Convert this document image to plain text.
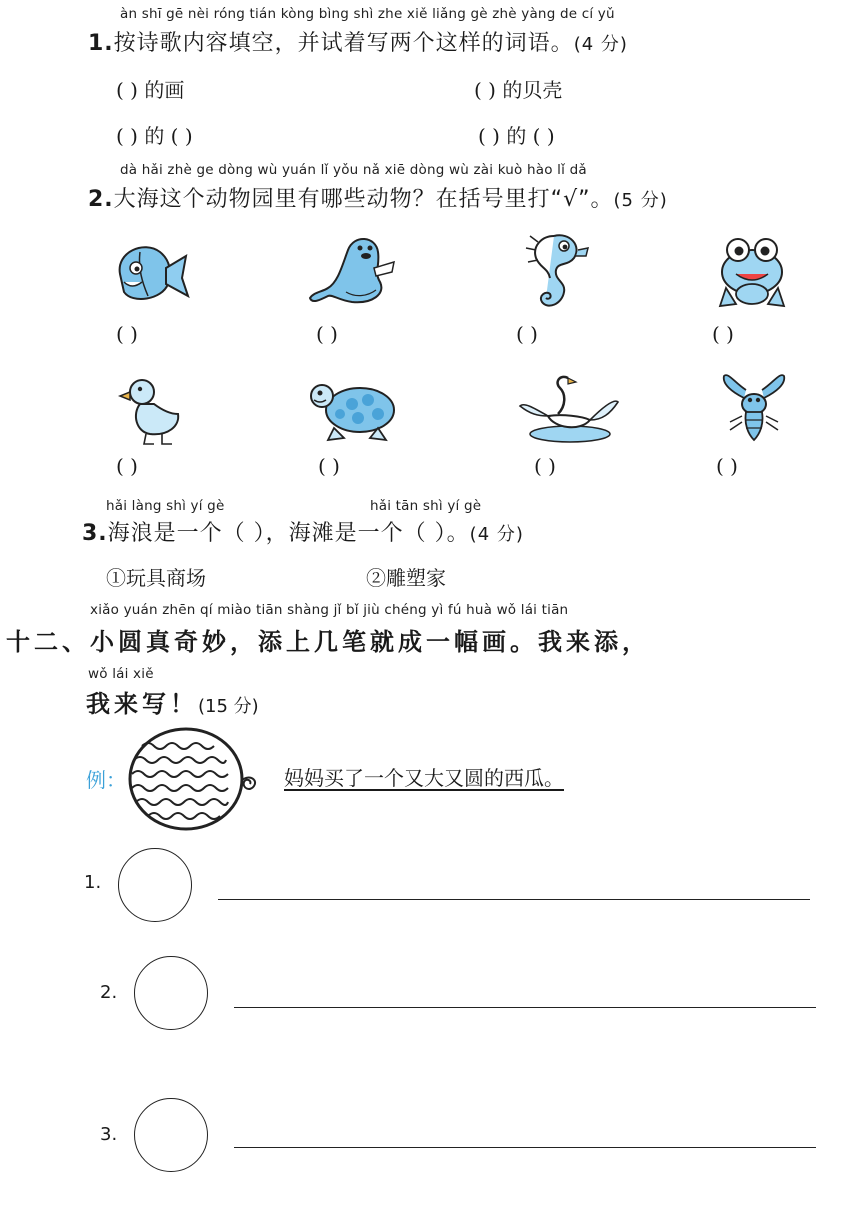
àn shī gē nèi róng tián kòng bìng shì zhe xiě liǎng gè zhè yàng de cí yǔ
1.按诗歌内容填空，并试着写两个这样的词语。(4 分)
( ) 的画	( ) 的贝壳
( ) 的 ( )	( ) 的 ( )
dà hǎi zhè ge dòng wù yuán lǐ yǒu nǎ xiē dòng wù zài kuò hào lǐ dǎ
2.大海这个动物园里有哪些动物？在括号里打“√”。(5 分)
( )	( )	( )	( )
( )	( )	( )	( )
hǎi làng shì yí gè	hǎi tān shì yí gè
3.海浪是一个（ ），海滩是一个（ ）。(4 分)
①玩具商场	②雕塑家
xiǎo yuán zhēn qí miào tiān shàng jǐ bǐ jiù chéng yì fú huà wǒ lái tiān
十二、小圆真奇妙，添上几笔就成一幅画。我来添，
wǒ lái xiě
我来写！(15 分)
例：	妈妈买了一个又大又圆的西瓜。
1.
2.
3.
